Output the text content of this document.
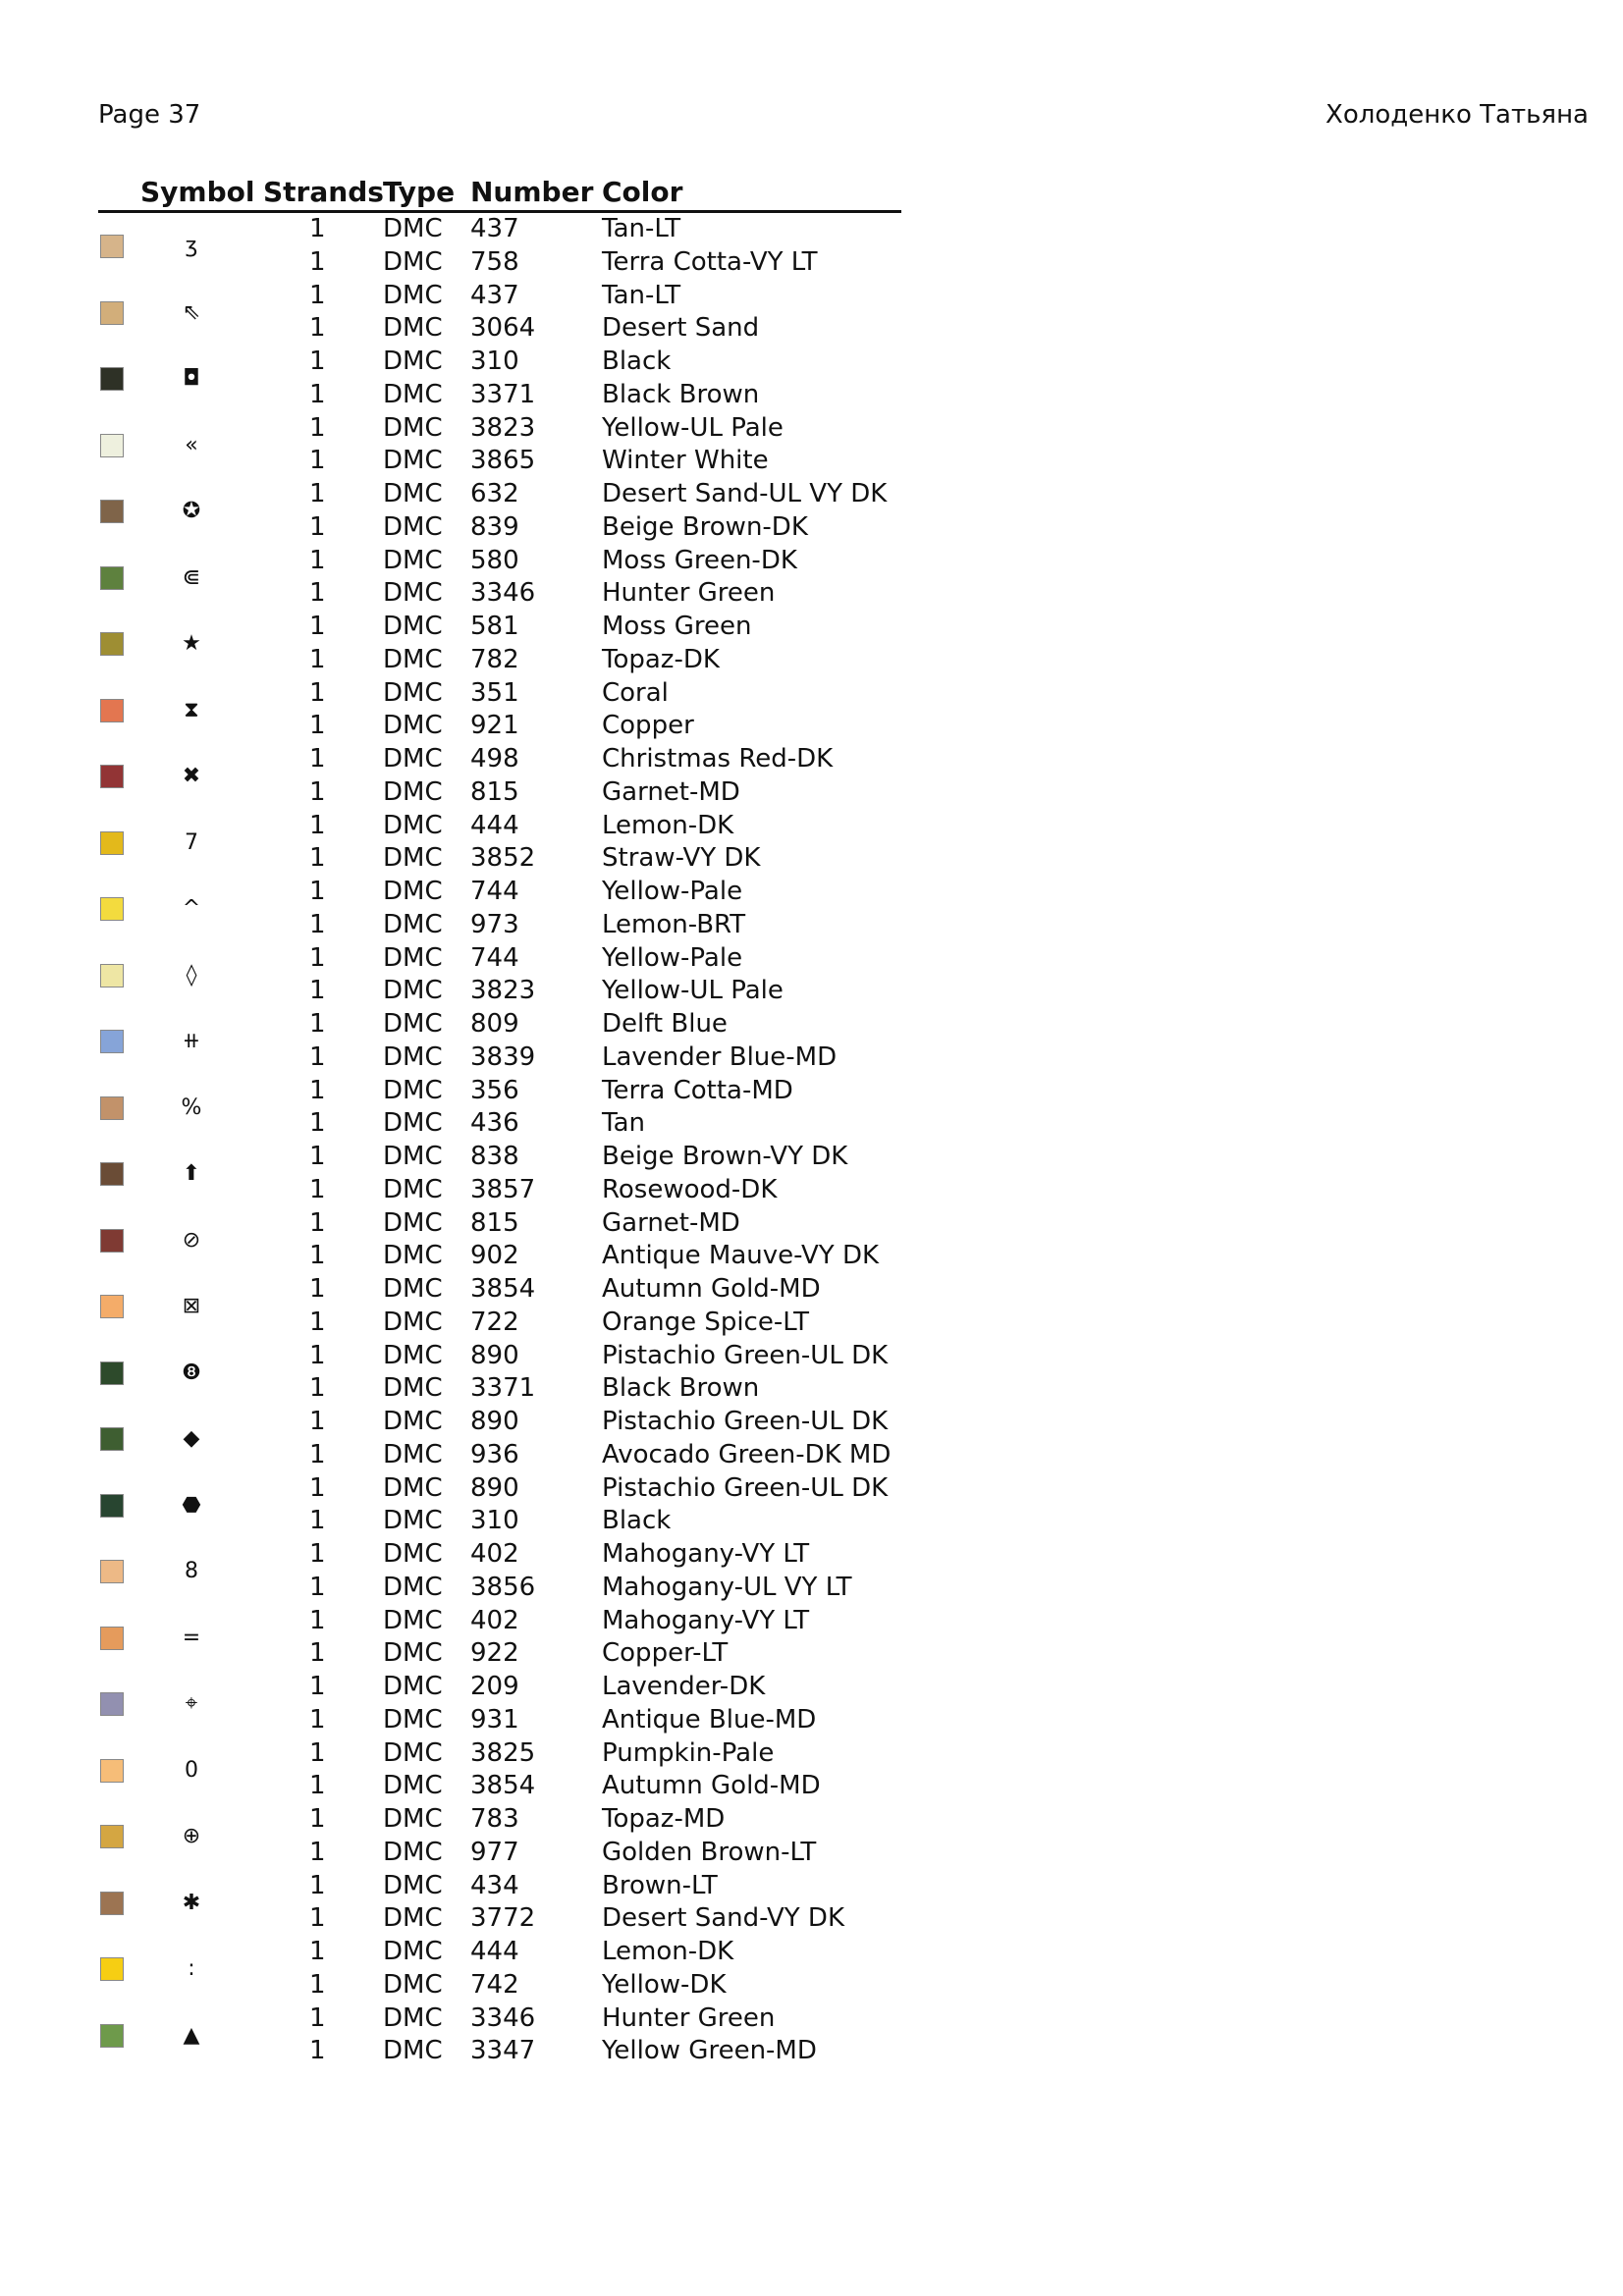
Page 37	Холоденко Татьяна
Symbol Strands Type Number Color
ʒ
1 DMC 437	Tan-LT
1 DMC 758	Terra Cotta-VY LT
⇖
1 DMC 437	Tan-LT
1 DMC 3064	Desert Sand
◘
1 DMC 310	Black
1 DMC 3371	Black Brown
«
1 DMC 3823	Yellow-UL Pale
1 DMC 3865	Winter White
✪
1 DMC 632	Desert Sand-UL VY DK
1 DMC 839	Beige Brown-DK
⋐
1 DMC 580	Moss Green-DK
1 DMC 3346	Hunter Green
★
1 DMC 581	Moss Green
1 DMC 782	Topaz-DK
⧗
1 DMC 351	Coral
1 DMC 921	Copper
✖
1 DMC 498	Christmas Red-DK
1 DMC 815	Garnet-MD
7
1 DMC 444	Lemon-DK
1 DMC 3852	Straw-VY DK
^
1 DMC 744	Yellow-Pale
1 DMC 973	Lemon-BRT
◊
1 DMC 744	Yellow-Pale
1 DMC 3823	Yellow-UL Pale
⧺
1 DMC 809	Delft Blue
1 DMC 3839	Lavender Blue-MD
%
1 DMC 356	Terra Cotta-MD
1 DMC 436	Tan
⬆
1 DMC 838	Beige Brown-VY DK
1 DMC 3857	Rosewood-DK
⊘
1 DMC 815	Garnet-MD
1 DMC 902	Antique Mauve-VY DK
⊠
1 DMC 3854	Autumn Gold-MD
1 DMC 722	Orange Spice-LT
❽
1 DMC 890	Pistachio Green-UL DK
1 DMC 3371	Black Brown
◆
1 DMC 890	Pistachio Green-UL DK
1 DMC 936	Avocado Green-DK MD
⬣
1 DMC 890	Pistachio Green-UL DK
1 DMC 310	Black
8
1 DMC 402	Mahogany-VY LT
1 DMC 3856	Mahogany-UL VY LT
=
1 DMC 402	Mahogany-VY LT
1 DMC 922	Copper-LT
⌖
1 DMC 209	Lavender-DK
1 DMC 931	Antique Blue-MD
0
1 DMC 3825	Pumpkin-Pale
1 DMC 3854	Autumn Gold-MD
⊕
1 DMC 783	Topaz-MD
1 DMC 977	Golden Brown-LT
✱
1 DMC 434	Brown-LT
1 DMC 3772	Desert Sand-VY DK
:
1 DMC 444	Lemon-DK
1 DMC 742	Yellow-DK
▲
1 DMC 3346	Hunter Green
1 DMC 3347	Yellow Green-MD
